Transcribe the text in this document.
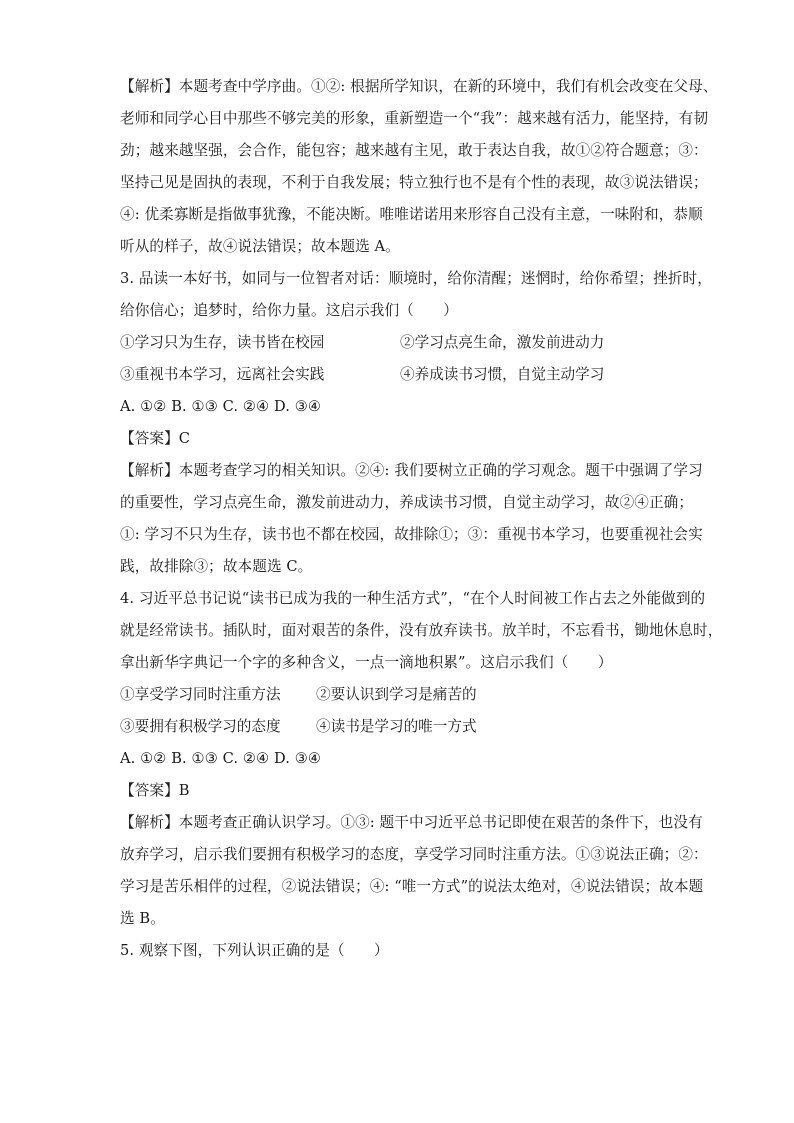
【解析】本题考查中学序曲。①②: 根据所学知识，在新的环境中，我们有机会改变在父母、
老师和同学心目中那些不够完美的形象，重新塑造一个“我”：越来越有活力，能坚持，有韧
劲；越来越坚强，会合作，能包容；越来越有主见，敢于表达自我，故①②符合题意；③：
坚持己见是固执的表现，不利于自我发展；特立独行也不是有个性的表现，故③说法错误；
④: 优柔寡断是指做事犹豫，不能决断。唯唯诺诺用来形容自己没有主意，一味附和，恭顺
听从的样子，故④说法错误；故本题选 A。
3. 品读一本好书，如同与一位智者对话：顺境时，给你清醒；迷惘时，给你希望；挫折时，
给你信心；追梦时，给你力量。这启示我们（　　）
①学习只为生存，读书皆在校园	②学习点亮生命，激发前进动力
③重视书本学习，远离社会实践	④养成读书习惯，自觉主动学习
A. ①② B. ①③ C. ②④ D. ③④
【答案】C
【解析】本题考查学习的相关知识。②④: 我们要树立正确的学习观念。题干中强调了学习
的重要性，学习点亮生命，激发前进动力，养成读书习惯，自觉主动学习，故②④正确；
①: 学习不只为生存，读书也不都在校园，故排除①；③：重视书本学习，也要重视社会实
践，故排除③；故本题选 C。
4. 习近平总书记说“读书已成为我的一种生活方式”，“在个人时间被工作占去之外能做到的
就是经常读书。插队时，面对艰苦的条件，没有放弃读书。放羊时，不忘看书，锄地休息时，
拿出新华字典记一个字的多种含义，一点一滴地积累”。这启示我们（　　）
①享受学习同时注重方法 ②要认识到学习是痛苦的
③要拥有积极学习的态度 ④读书是学习的唯一方式
A. ①② B. ①③ C. ②④ D. ③④
【答案】B
【解析】本题考查正确认识学习。①③: 题干中习近平总书记即使在艰苦的条件下，也没有
放弃学习，启示我们要拥有积极学习的态度，享受学习同时注重方法。①③说法正确；②：
学习是苦乐相伴的过程，②说法错误；④: “唯一方式”的说法太绝对，④说法错误；故本题
选 B。
5. 观察下图，下列认识正确的是（　　）
